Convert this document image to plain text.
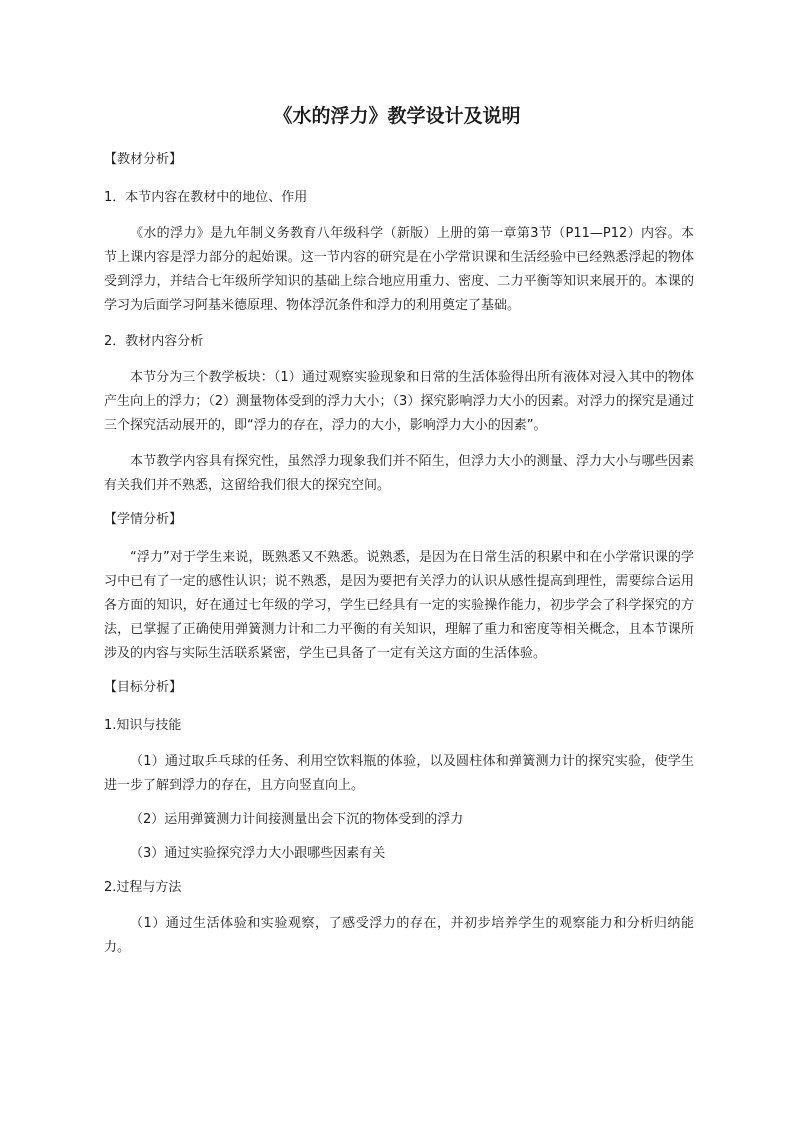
《水的浮力》教学设计及说明
【教材分析】
1．本节内容在教材中的地位、作用
《水的浮力》是九年制义务教育八年级科学（新版）上册的第一章第3节（P11—P12）内容。本节上课内容是浮力部分的起始课。这一节内容的研究是在小学常识课和生活经验中已经熟悉浮起的物体受到浮力，并结合七年级所学知识的基础上综合地应用重力、密度、二力平衡等知识来展开的。本课的学习为后面学习阿基米德原理、物体浮沉条件和浮力的利用奠定了基础。
2．教材内容分析
本节分为三个教学板块：（1）通过观察实验现象和日常的生活体验得出所有液体对浸入其中的物体产生向上的浮力；（2）测量物体受到的浮力大小；（3）探究影响浮力大小的因素。对浮力的探究是通过三个探究活动展开的，即“浮力的存在，浮力的大小，影响浮力大小的因素”。
本节教学内容具有探究性，虽然浮力现象我们并不陌生，但浮力大小的测量、浮力大小与哪些因素有关我们并不熟悉，这留给我们很大的探究空间。
【学情分析】
“浮力”对于学生来说，既熟悉又不熟悉。说熟悉，是因为在日常生活的积累中和在小学常识课的学习中已有了一定的感性认识；说不熟悉，是因为要把有关浮力的认识从感性提高到理性，需要综合运用各方面的知识，好在通过七年级的学习，学生已经具有一定的实验操作能力，初步学会了科学探究的方法，已掌握了正确使用弹簧测力计和二力平衡的有关知识，理解了重力和密度等相关概念，且本节课所涉及的内容与实际生活联系紧密，学生已具备了一定有关这方面的生活体验。
【目标分析】
1.知识与技能
（1）通过取乒乓球的任务、利用空饮料瓶的体验，以及圆柱体和弹簧测力计的探究实验，使学生进一步了解到浮力的存在，且方向竖直向上。
（2）运用弹簧测力计间接测量出会下沉的物体受到的浮力
（3）通过实验探究浮力大小跟哪些因素有关
2.过程与方法
（1）通过生活体验和实验观察，了感受浮力的存在，并初步培养学生的观察能力和分析归纳能力。
